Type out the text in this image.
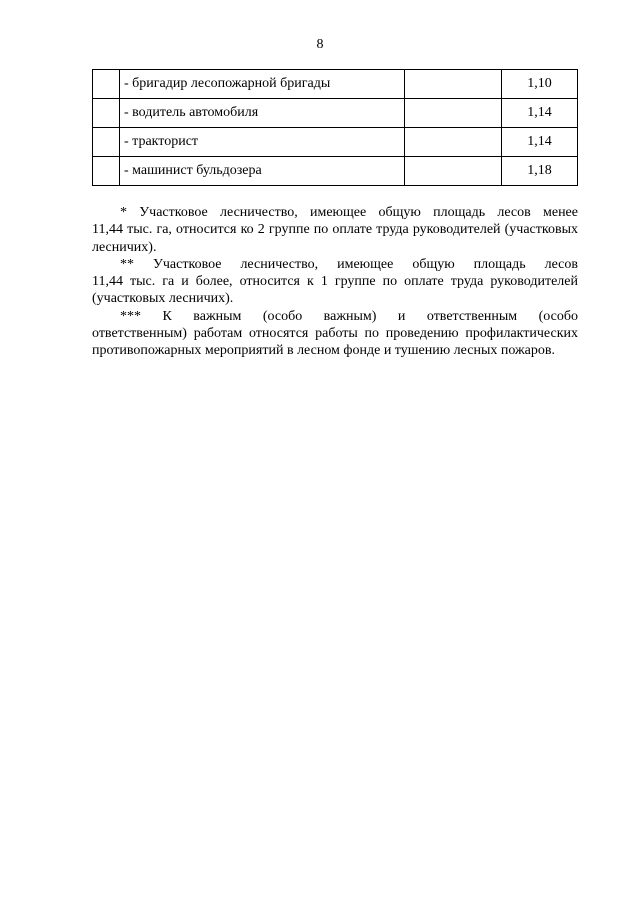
8
	- бригадир лесопожарной бригады		1,10
	- водитель автомобиля		1,14
	- тракторист		1,14
	- машинист бульдозера		1,18

* Участковое лесничество, имеющее общую площадь лесов менее
11,44 тыс. га, относится ко 2 группе по оплате труда руководителей (участковых лесничих).

** Участковое лесничество, имеющее общую площадь лесов
11,44 тыс. га и более, относится к 1 группе по оплате труда руководителей (участковых лесничих).

*** К важным (особо важным) и ответственным (особо
ответственным) работам относятся работы по проведению профилактических противопожарных мероприятий в лесном фонде и тушению лесных пожаров.
